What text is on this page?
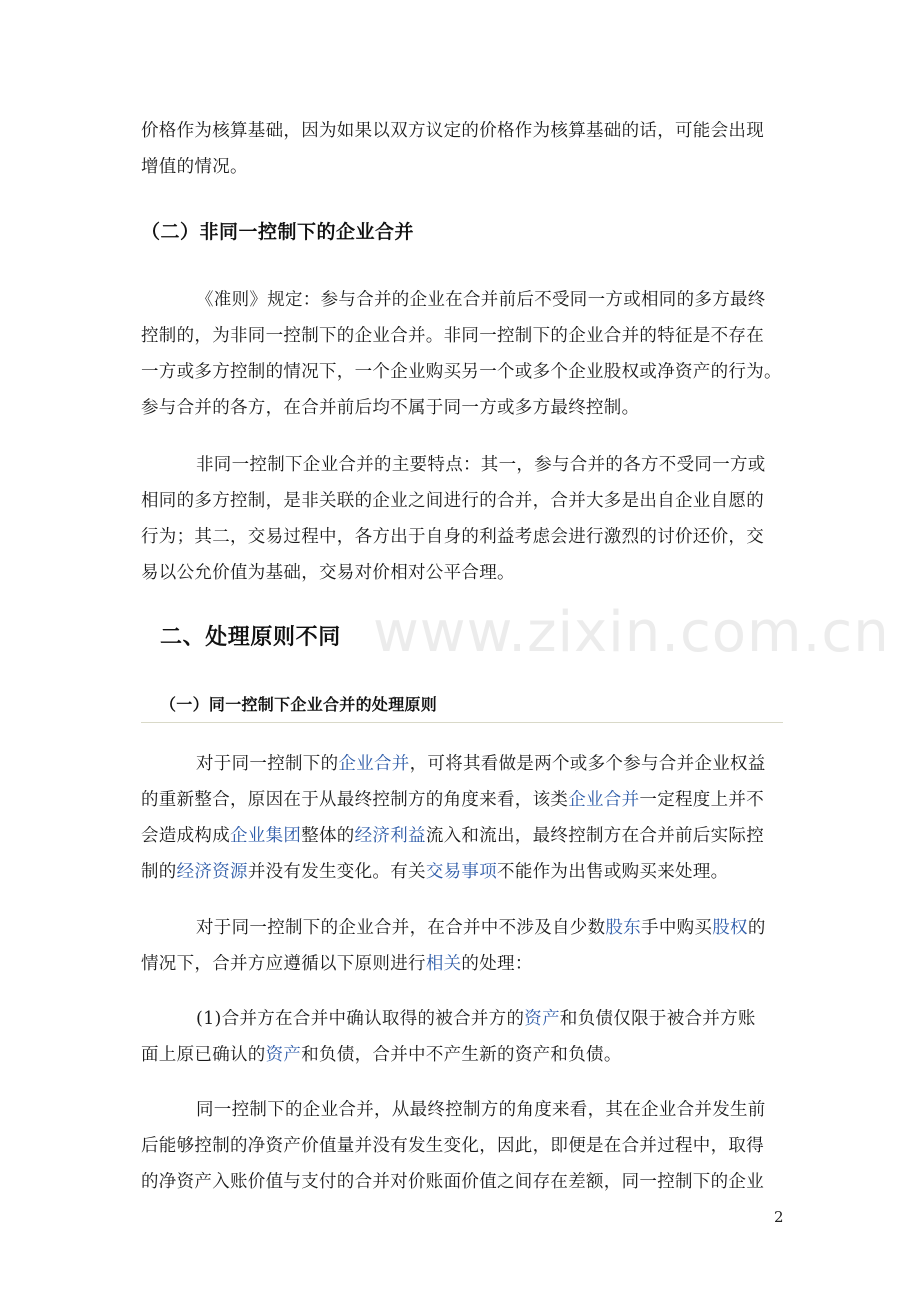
www.zixin.com.cn
价格作为核算基础，因为如果以双方议定的价格作为核算基础的话，可能会出现
增值的情况。
（二）非同一控制下的企业合并
《准则》规定：参与合并的企业在合并前后不受同一方或相同的多方最终
控制的，为非同一控制下的企业合并。非同一控制下的企业合并的特征是不存在
一方或多方控制的情况下，一个企业购买另一个或多个企业股权或净资产的行为。
参与合并的各方，在合并前后均不属于同一方或多方最终控制。
非同一控制下企业合并的主要特点：其一，参与合并的各方不受同一方或
相同的多方控制，是非关联的企业之间进行的合并，合并大多是出自企业自愿的
行为；其二，交易过程中，各方出于自身的利益考虑会进行激烈的讨价还价，交
易以公允价值为基础，交易对价相对公平合理。
二、处理原则不同
（一）同一控制下企业合并的处理原则
对于同一控制下的企业合并，可将其看做是两个或多个参与合并企业权益
的重新整合，原因在于从最终控制方的角度来看，该类企业合并一定程度上并不
会造成构成企业集团整体的经济利益流入和流出，最终控制方在合并前后实际控
制的经济资源并没有发生变化。有关交易事项不能作为出售或购买来处理。
对于同一控制下的企业合并，在合并中不涉及自少数股东手中购买股权的
情况下，合并方应遵循以下原则进行相关的处理：
(1)合并方在合并中确认取得的被合并方的资产和负债仅限于被合并方账
面上原已确认的资产和负债，合并中不产生新的资产和负债。
同一控制下的企业合并，从最终控制方的角度来看，其在企业合并发生前
后能够控制的净资产价值量并没有发生变化，因此，即便是在合并过程中，取得
的净资产入账价值与支付的合并对价账面价值之间存在差额，同一控制下的企业
2
